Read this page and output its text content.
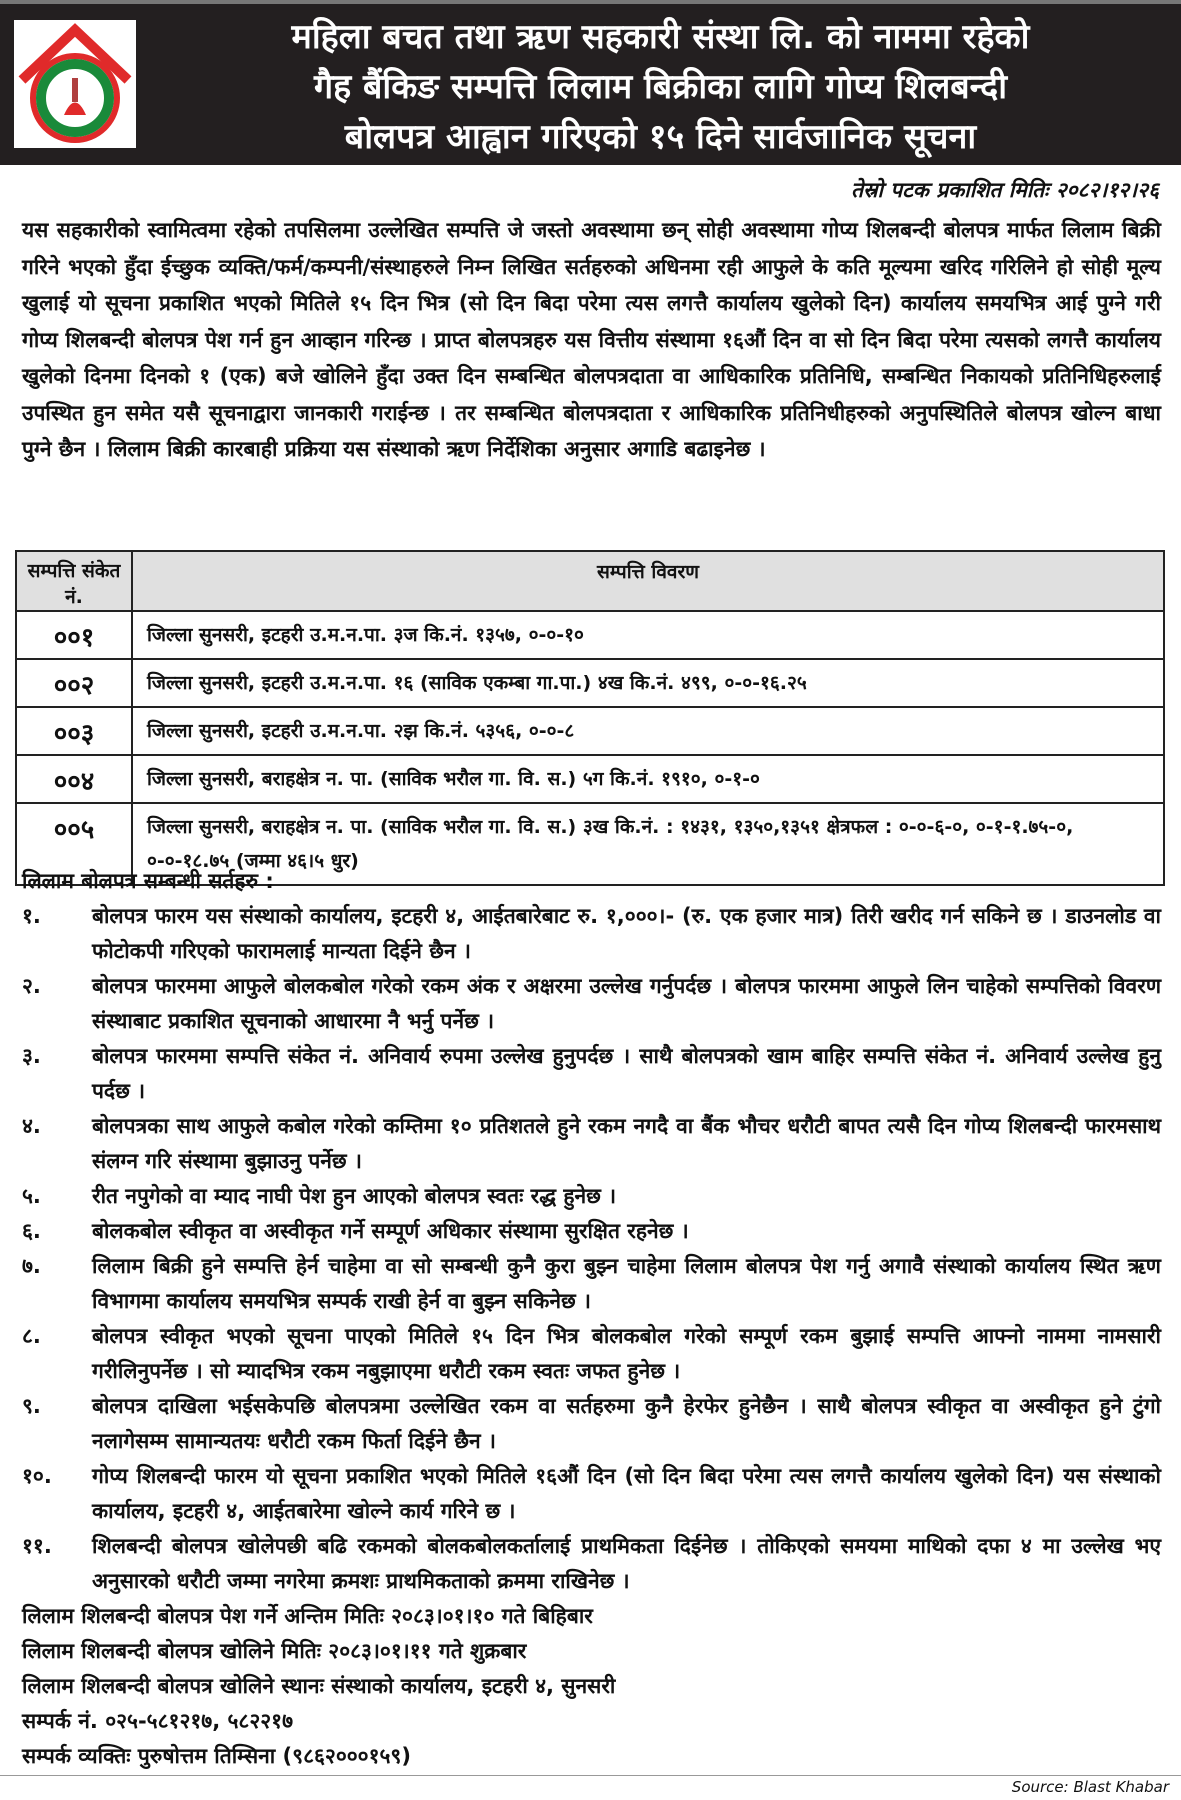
महिला बचत तथा ऋण सहकारी संस्था लि. को नाममा रहेको
गैह बैंकिङ सम्पत्ति लिलाम बिक्रीका लागि गोप्य शिलबन्दी
बोलपत्र आह्वान गरिएको १५ दिने सार्वजानिक सूचना
तेस्रो पटक प्रकाशित मितिः २०८२।१२।२६
यस सहकारीको स्वामित्वमा रहेको तपसिलमा उल्लेखित सम्पत्ति जे जस्तो अवस्थामा छन् सोही अवस्थामा गोप्य शिलबन्दी बोलपत्र मार्फत लिलाम बिक्री गरिने भएको हुँदा ईच्छुक व्यक्ति/फर्म/कम्पनी/संस्थाहरुले निम्न लिखित सर्तहरुको अधिनमा रही आफुले के कति मूल्यमा खरिद गरिलिने हो सोही मूल्य खुलाई यो सूचना प्रकाशित भएको मितिले १५ दिन भित्र (सो दिन बिदा परेमा त्यस लगत्तै कार्यालय खुलेको दिन) कार्यालय समयभित्र आई पुग्ने गरी गोप्य शिलबन्दी बोलपत्र पेश गर्न हुन आव्हान गरिन्छ । प्राप्त बोलपत्रहरु यस वित्तीय संस्थामा १६औं दिन वा सो दिन बिदा परेमा त्यसको लगत्तै कार्यालय खुलेको दिनमा दिनको १ (एक) बजे खोलिने हुँदा उक्त दिन सम्बन्धित बोलपत्रदाता वा आधिकारिक प्रतिनिधि, सम्बन्धित निकायको प्रतिनिधिहरुलाई उपस्थित हुन समेत यसै सूचनाद्वारा जानकारी गराईन्छ । तर सम्बन्धित बोलपत्रदाता र आधिकारिक प्रतिनिधीहरुको अनुपस्थितिले बोलपत्र खोल्न बाधा पुग्ने छैन । लिलाम बिक्री कारबाही प्रक्रिया यस संस्थाको ऋण निर्देशिका अनुसार अगाडि बढाइनेछ ।
सम्पत्ति संकेत नं.	सम्पत्ति विवरण
००१	जिल्ला सुनसरी, इटहरी उ.म.न.पा. ३ज कि.नं. १३५७, ०-०-१०
००२	जिल्ला सुनसरी, इटहरी उ.म.न.पा. १६ (साविक एकम्बा गा.पा.) ४ख कि.नं. ४९९, ०-०-१६.२५
००३	जिल्ला सुनसरी, इटहरी उ.म.न.पा. २झ कि.नं. ५३५६, ०-०-८
००४	जिल्ला सुनसरी, बराहक्षेत्र न. पा. (साविक भरौल गा. वि. स.) ५ग कि.नं. १९१०, ०-१-०
००५	जिल्ला सुनसरी, बराहक्षेत्र न. पा. (साविक भरौल गा. वि. स.) ३ख कि.नं. : १४३१, १३५०,१३५१ क्षेत्रफल : ०-०-६-०, ०-१-१.७५-०, ०-०-१८.७५ (जम्मा ४६।५ धुर)
लिलाम बोलपत्र सम्बन्धी सर्तहरु :
१.	बोलपत्र फारम यस संस्थाको कार्यालय, इटहरी ४, आईतबारेबाट रु. १,०००।- (रु. एक हजार मात्र) तिरी खरीद गर्न सकिने छ । डाउनलोड वा फोटोकपी गरिएको फारामलाई मान्यता दिईने छैन ।
२.	बोलपत्र फारममा आफुले बोलकबोल गरेको रकम अंक र अक्षरमा उल्लेख गर्नुपर्दछ । बोलपत्र फारममा आफुले लिन चाहेको सम्पत्तिको विवरण संस्थाबाट प्रकाशित सूचनाको आधारमा नै भर्नु पर्नेछ ।
३.	बोलपत्र फारममा सम्पत्ति संकेत नं. अनिवार्य रुपमा उल्लेख हुनुपर्दछ । साथै बोलपत्रको खाम बाहिर सम्पत्ति संकेत नं. अनिवार्य उल्लेख हुनु पर्दछ ।
४.	बोलपत्रका साथ आफुले कबोल गरेको कम्तिमा १० प्रतिशतले हुने रकम नगदै वा बैंक भौचर धरौटी बापत त्यसै दिन गोप्य शिलबन्दी फारमसाथ संलग्न गरि संस्थामा बुझाउनु पर्नेछ ।
५.	रीत नपुगेको वा म्याद नाघी पेश हुन आएको बोलपत्र स्वतः रद्ध हुनेछ ।
६.	बोलकबोल स्वीकृत वा अस्वीकृत गर्ने सम्पूर्ण अधिकार संस्थामा सुरक्षित रहनेछ ।
७.	लिलाम बिक्री हुने सम्पत्ति हेर्न चाहेमा वा सो सम्बन्धी कुनै कुरा बुझ्न चाहेमा लिलाम बोलपत्र पेश गर्नु अगावै संस्थाको कार्यालय स्थित ऋण विभागमा कार्यालय समयभित्र सम्पर्क राखी हेर्न वा बुझ्न सकिनेछ ।
८.	बोलपत्र स्वीकृत भएको सूचना पाएको मितिले १५ दिन भित्र बोलकबोल गरेको सम्पूर्ण रकम बुझाई सम्पत्ति आफ्नो नाममा नामसारी गरीलिनुपर्नेछ । सो म्यादभित्र रकम नबुझाएमा धरौटी रकम स्वतः जफत हुनेछ ।
९.	बोलपत्र दाखिला भईसकेपछि बोलपत्रमा उल्लेखित रकम वा सर्तहरुमा कुनै हेरफेर हुनेछैन । साथै बोलपत्र स्वीकृत वा अस्वीकृत हुने टुंगो नलागेसम्म सामान्यतयः धरौटी रकम फिर्ता दिईने छैन ।
१०.	गोप्य शिलबन्दी फारम यो सूचना प्रकाशित भएको मितिले १६औं दिन (सो दिन बिदा परेमा त्यस लगत्तै कार्यालय खुलेको दिन) यस संस्थाको कार्यालय, इटहरी ४, आईतबारेमा खोल्ने कार्य गरिने छ ।
११.	शिलबन्दी बोलपत्र खोलेपछी बढि रकमको बोलकबोलकर्तालाई प्राथमिकता दिईनेछ । तोकिएको समयमा माथिको दफा ४ मा उल्लेख भए अनुसारको धरौटी जम्मा नगरेमा क्रमशः प्राथमिकताको क्रममा राखिनेछ ।
लिलाम शिलबन्दी बोलपत्र पेश गर्ने अन्तिम मितिः २०८३।०१।१० गते बिहिबार
लिलाम शिलबन्दी बोलपत्र खोलिने मितिः २०८३।०१।११ गते शुक्रबार
लिलाम शिलबन्दी बोलपत्र खोलिने स्थानः संस्थाको कार्यालय, इटहरी ४, सुनसरी
सम्पर्क नं. ०२५-५८१२१७, ५८२२१७
सम्पर्क व्यक्तिः पुरुषोत्तम तिम्सिना (९८६२०००१५९)
Source: Blast Khabar
